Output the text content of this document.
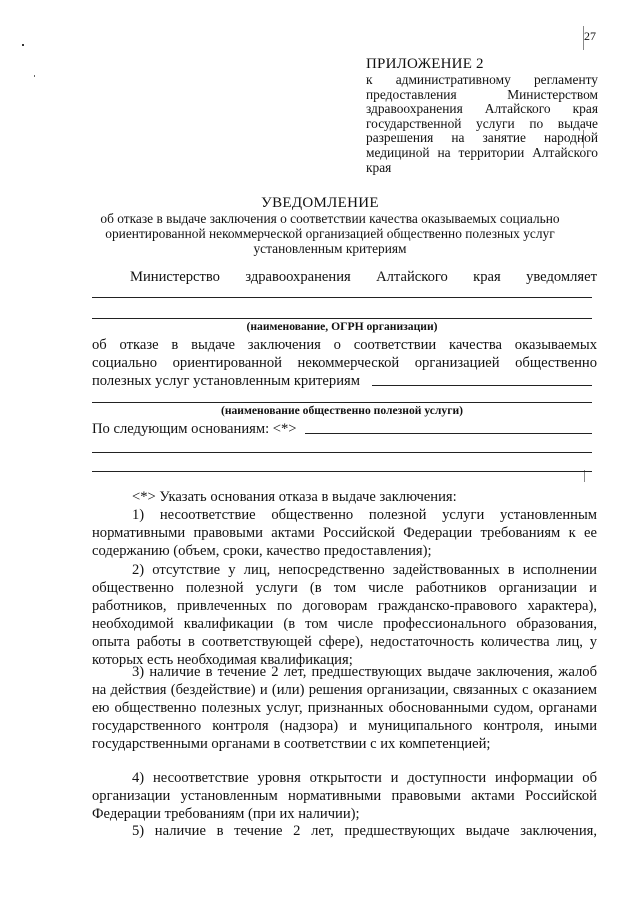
27
ПРИЛОЖЕНИЕ 2
к административному регламенту предоставления Министерством здравоохранения Алтайского края государственной услуги по выдаче разрешения на занятие народной медициной на территории Алтайского края
УВЕДОМЛЕНИЕ
об отказе в выдаче заключения о соответствии качества оказываемых социально ориентированной некоммерческой организацией общественно полезных услуг установленным критериям
Министерство здравоохранения Алтайского края уведомляет
(наименование, ОГРН организации)
об отказе в выдаче заключения о соответствии качества оказываемых
социально ориентированной некоммерческой организацией общественно
полезных услуг установленным критериям
(наименование общественно полезной услуги)
По следующим основаниям: <*>
<*> Указать основания отказа в выдаче заключения:
1) несоответствие общественно полезной услуги установленным нормативными правовыми актами Российской Федерации требованиям к ее содержанию (объем, сроки, качество предоставления);
2) отсутствие у лиц, непосредственно задействованных в исполнении общественно полезной услуги (в том числе работников организации и работников, привлеченных по договорам гражданско-правового характера), необходимой квалификации (в том числе профессионального образования, опыта работы в соответствующей сфере), недостаточность количества лиц, у которых есть необходимая квалификация;
3) наличие в течение 2 лет, предшествующих выдаче заключения, жалоб на действия (бездействие) и (или) решения организации, связанных с оказанием ею общественно полезных услуг, признанных обоснованными судом, органами государственного контроля (надзора) и муниципального контроля, иными государственными органами в соответствии с их компетенцией;
4) несоответствие уровня открытости и доступности информации об организации установленным нормативными правовыми актами Российской Федерации требованиям (при их наличии);
5) наличие в течение 2 лет, предшествующих выдаче заключения,
